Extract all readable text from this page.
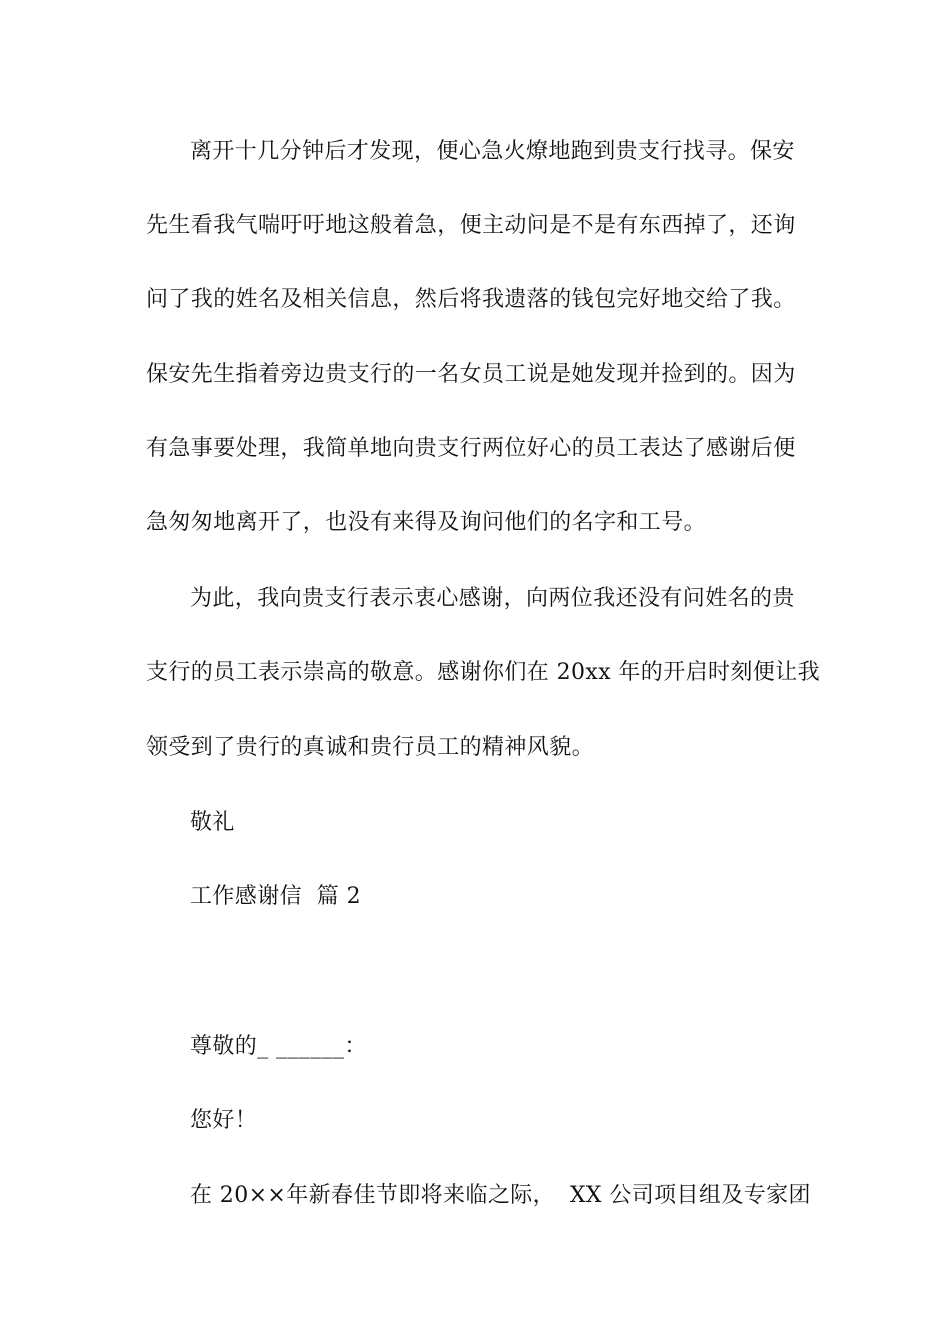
离开十几分钟后才发现，便心急火燎地跑到贵支行找寻。保安
先生看我气喘吁吁地这般着急，便主动问是不是有东西掉了，还询
问了我的姓名及相关信息，然后将我遗落的钱包完好地交给了我。
保安先生指着旁边贵支行的一名女员工说是她发现并捡到的。因为
有急事要处理，我简单地向贵支行两位好心的员工表达了感谢后便
急匆匆地离开了，也没有来得及询问他们的名字和工号。
为此，我向贵支行表示衷心感谢，向两位我还没有问姓名的贵
支行的员工表示崇高的敬意。感谢你们在 20xx 年的开启时刻便让我
领受到了贵行的真诚和贵行员工的精神风貌。
敬礼
工作感谢信  篇 2
尊敬的_ ______：
您好！
在 20××年新春佳节即将来临之际，  XX 公司项目组及专家团
